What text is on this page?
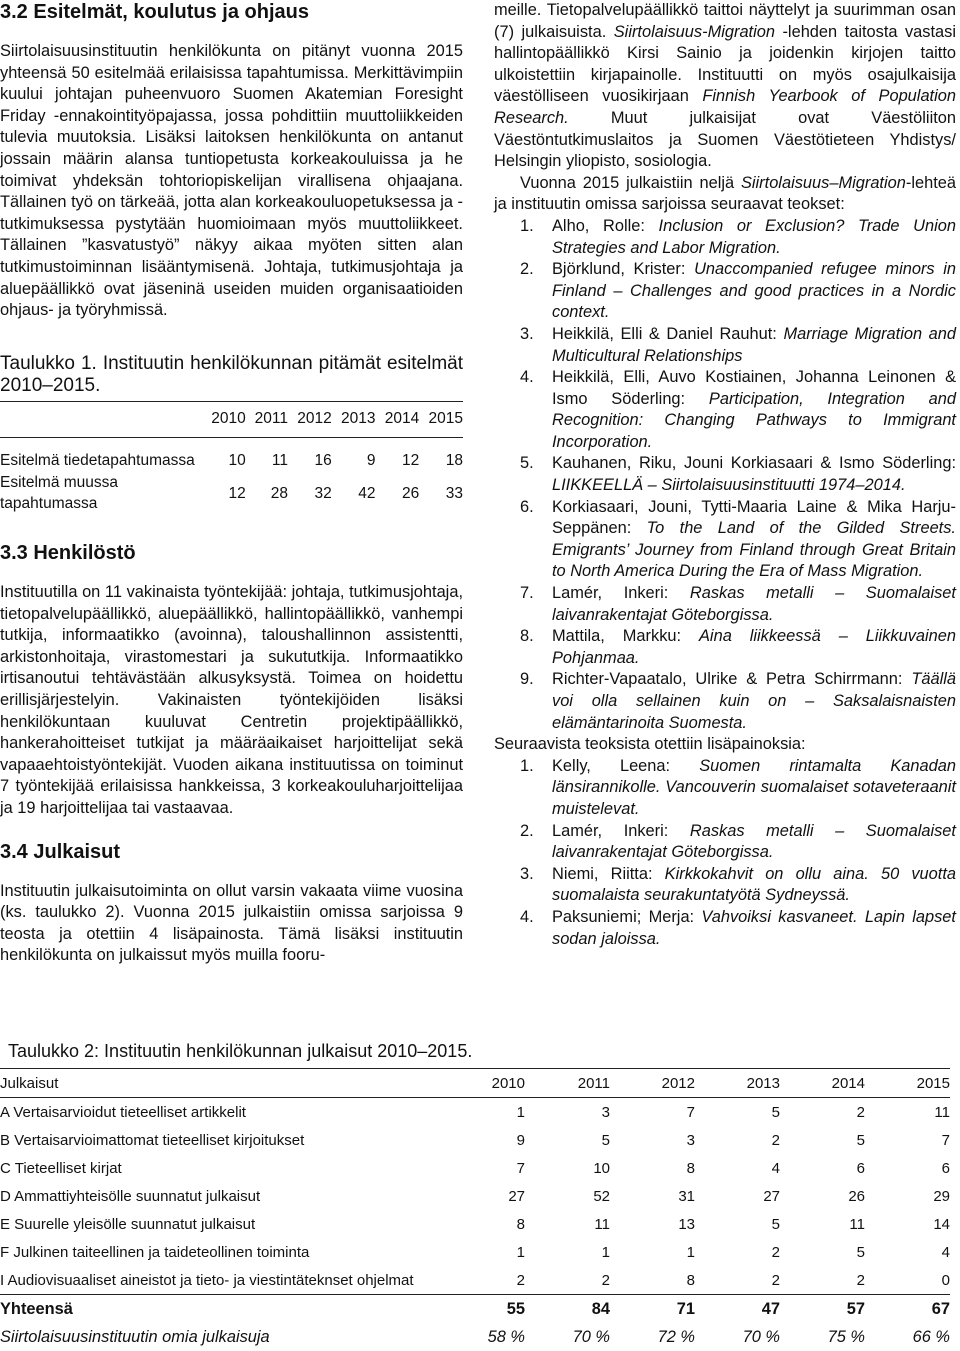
3.2 Esitelmät, koulutus ja ohjaus

Siirtolaisuusinstituutin henkilökunta on pitänyt vuonna 2015 yhteensä 50 esitelmää erilaisissa tapahtumissa. Merkittävimpiin kuului johtajan puheenvuoro Suomen Akatemian Foresight Friday -ennakointityöpajassa, jossa pohdittiin muuttoliikkeiden tulevia muutoksia. Lisäksi laitoksen henkilökunta on antanut jossain määrin alansa tuntiopetusta korkeakouluissa ja he toimivat yhdeksän tohtoriopiskelijan virallisena ohjaajana. Tällainen työ on tärkeää, jotta alan korkeakouluopetuksessa ja -tutkimuksessa pystytään huomioimaan myös muuttoliikkeet. Tällainen ”kasvatustyö” näkyy aikaa myöten sitten alan tutkimustoiminnan lisääntymisenä. Johtaja, tutkimusjohtaja ja aluepäällikkö ovat jäseninä useiden muiden organisaatioiden ohjaus- ja työryhmissä.

Taulukko 1. Instituutin henkilökunnan pitämät esitelmät 2010–2015.

	2010	2011	2012	2013	2014	2015

Esitelmä tiedetapahtumassa	10	11	16	9	12	18
Esitelmä muussa tapahtumassa	12	28	32	42	26	33
3.3 Henkilöstö

Instituutilla on 11 vakinaista työntekijää: johtaja, tutkimusjohtaja, tietopalvelupäällikkö, aluepäällikkö, hallintopäällikkö, vanhempi tutkija, informaatikko (avoinna), taloushallinnon assistentti, arkistonhoitaja, virastomestari ja sukututkija. Informaatikko irtisanoutui tehtävästään alkusyksystä. Toimea on hoidettu erillisjärjestelyin. Vakinaisten työntekijöiden lisäksi henkilökuntaan kuuluvat Centretin projektipäällikkö, hankerahoitteiset tutkijat ja määräaikaiset harjoittelijat sekä vapaaehtoistyöntekijät. Vuoden aikana instituutissa on toiminut 7 työntekijää erilaisissa hankkeissa, 3 korkeakouluharjoittelijaa ja 19 harjoittelijaa tai vastaavaa.

3.4 Julkaisut

Instituutin julkaisutoiminta on ollut varsin vakaata viime vuosina (ks. taulukko 2). Vuonna 2015 julkaistiin omissa sarjoissa 9 teosta ja otettiin 4 lisäpainosta. Tämä lisäksi instituutin henkilökunta on julkaissut myös muilla fooru-

meille. Tietopalvelupäällikkö taittoi näyttelyt ja suurimman osan (7) julkaisuista. Siirtolaisuus-Migration -lehden taitosta vastasi hallintopäällikkö Kirsi Sainio ja joidenkin kirjojen taitto ulkoistettiin kirjapainolle. Instituutti on myös osajulkaisija väestölliseen vuosikirjaan Finnish Yearbook of Population Research. Muut julkaisijat ovat Väestöliiton Väestöntutkimuslaitos ja Suomen Väestötieteen Yhdistys/ Helsingin yliopisto, sosiologia.

Vuonna 2015 julkaistiin neljä Siirtolaisuus–Migration-lehteä ja instituutin omissa sarjoissa seuraavat teokset:

1. Alho, Rolle: Inclusion or Exclusion? Trade Union Strategies and Labor Migration.
2. Björklund, Krister: Unaccompanied refugee minors in Finland – Challenges and good practices in a Nordic context.
3. Heikkilä, Elli & Daniel Rauhut: Marriage Migration and Multicultural Relationships
4. Heikkilä, Elli, Auvo Kostiainen, Johanna Leinonen & Ismo Söderling: Participation, Integration and Recognition: Changing Pathways to Immigrant Incorporation.
5. Kauhanen, Riku, Jouni Korkiasaari & Ismo Söderling: LIIKKEELLÄ – Siirtolaisuusinstituutti 1974–2014.
6. Korkiasaari, Jouni, Tytti-Maaria Laine & Mika Harju-Seppänen: To the Land of the Gilded Streets. Emigrants’ Journey from Finland through Great Britain to North America During the Era of Mass Migration.
7. Lamér, Inkeri: Raskas metalli – Suomalaiset laivanrakentajat Göteborgissa.
8. Mattila, Markku: Aina liikkeessä – Liikkuvainen Pohjanmaa.
9. Richter-Vapaatalo, Ulrike & Petra Schirrmann: Täällä voi olla sellainen kuin on – Saksalaisnaisten elämäntarinoita Suomesta.

Seuraavista teoksista otettiin lisäpainoksia:

1. Kelly, Leena: Suomen rintamalta Kanadan länsirannikolle. Vancouverin suomalaiset sotaveteraanit muistelevat.
2. Lamér, Inkeri: Raskas metalli – Suomalaiset laivanrakentajat Göteborgissa.
3. Niemi, Riitta: Kirkkokahvit on ollu aina. 50 vuotta suomalaista seurakuntatyötä Sydneyssä.
4. Paksuniemi; Merja: Vahvoiksi kasvaneet. Lapin lapset sodan jaloissa.

Taulukko 2: Instituutin henkilökunnan julkaisut 2010–2015.

Julkaisut	2010	2011	2012	2013	2014	2015
A Vertaisarvioidut tieteelliset artikkelit	1	3	7	5	2	11
B Vertaisarvioimattomat tieteelliset kirjoitukset	9	5	3	2	5	7
C Tieteelliset kirjat	7	10	8	4	6	6
D Ammattiyhteisölle suunnatut julkaisut	27	52	31	27	26	29
E Suurelle yleisölle suunnatut julkaisut	8	11	13	5	11	14
F Julkinen taiteellinen ja taideteollinen toiminta	1	1	1	2	5	4
I Audiovisuaaliset aineistot ja tieto- ja viestintäteknset ohjelmat	2	2	8	2	2	0
Yhteensä	55	84	71	47	57	67
Siirtolaisuusinstituutin omia julkaisuja	58 %	70 %	72 %	70 %	75 %	66 %
